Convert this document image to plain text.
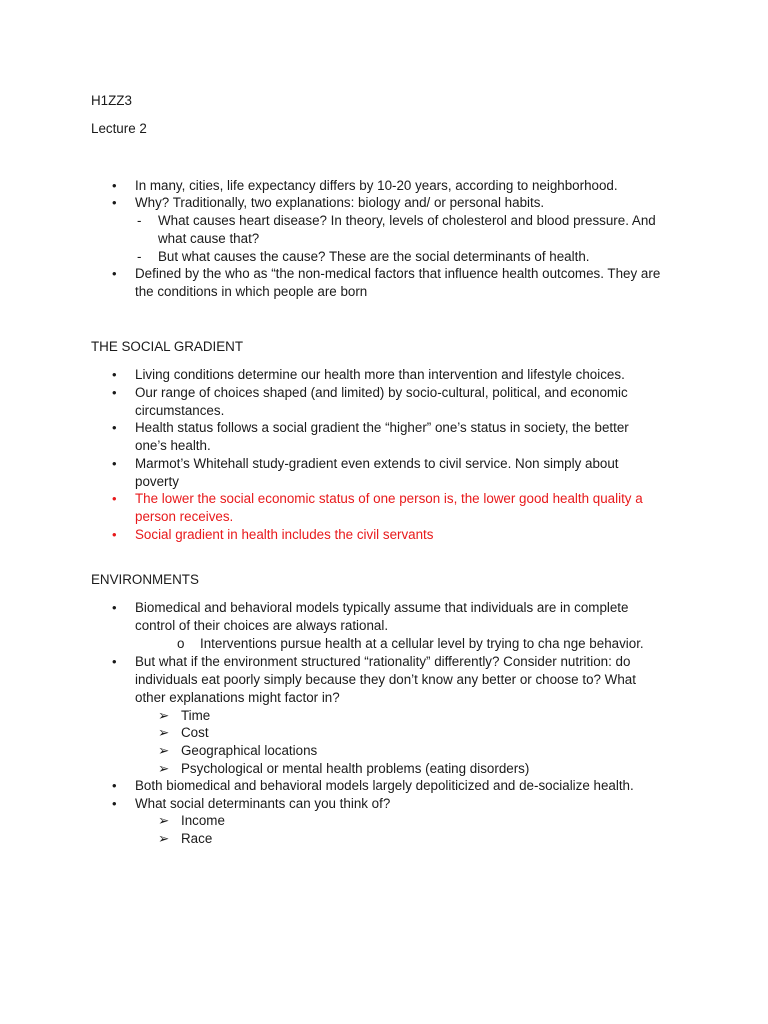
H1ZZ3
Lecture 2
• In many, cities, life expectancy differs by 10-20 years, according to neighborhood.
• Why? Traditionally, two explanations: biology and/ or personal habits.
- What causes heart disease? In theory, levels of cholesterol and blood pressure. And
what cause that?
- But what causes the cause? These are the social determinants of health.
• Defined by the who as “the non-medical factors that influence health outcomes. They are
the conditions in which people are born
THE SOCIAL GRADIENT
• Living conditions determine our health more than intervention and lifestyle choices.
• Our range of choices shaped (and limited) by socio-cultural, political, and economic
circumstances.
• Health status follows a social gradient the “higher” one’s status in society, the better
one’s health.
• Marmot’s Whitehall study-gradient even extends to civil service. Non simply about
poverty
• The lower the social economic status of one person is, the lower good health quality a
person receives.
• Social gradient in health includes the civil servants
ENVIRONMENTS
• Biomedical and behavioral models typically assume that individuals are in complete
control of their choices are always rational.
o Interventions pursue health at a cellular level by trying to cha nge behavior.
• But what if the environment structured “rationality” differently? Consider nutrition: do
individuals eat poorly simply because they don’t know any better or choose to? What
other explanations might factor in?
➢ Time
➢ Cost
➢ Geographical locations
➢ Psychological or mental health problems (eating disorders)
• Both biomedical and behavioral models largely depoliticized and de-socialize health.
• What social determinants can you think of?
➢ Income
➢ Race
